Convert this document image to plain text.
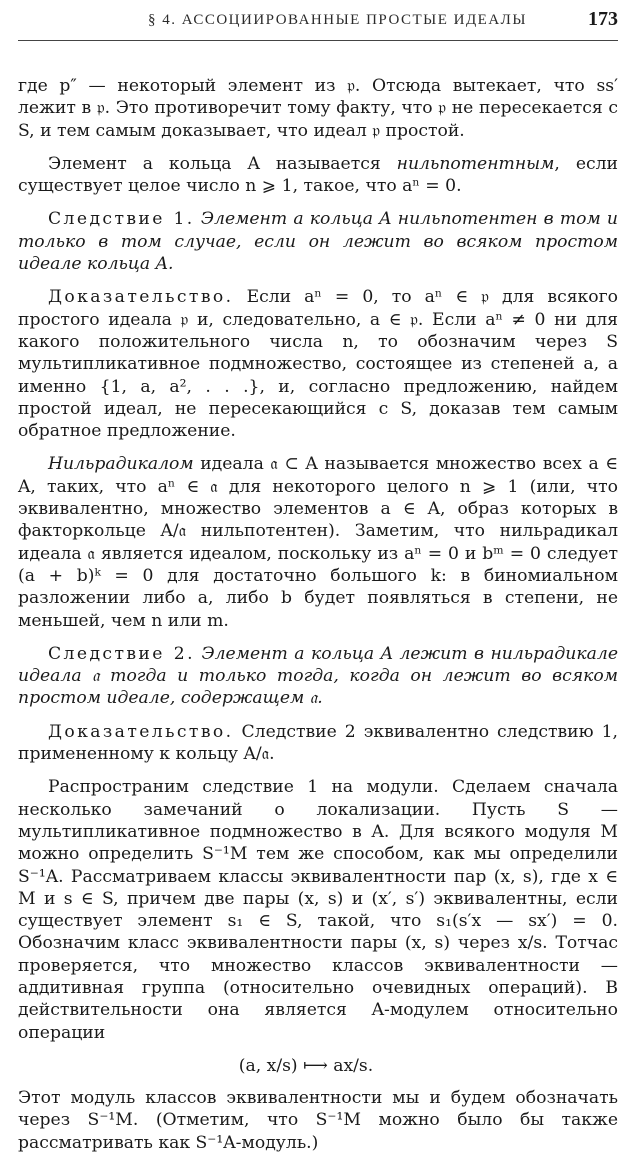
§ 4. АССОЦИИРОВАННЫЕ ПРОСТЫЕ ИДЕАЛЫ	173

где p″ — некоторый элемент из 𝔭. Отсюда вытекает, что ss′ лежит в 𝔭. Это противоречит тому факту, что 𝔭 не пересекается с S, и тем самым доказывает, что идеал 𝔭 простой.

Элемент a кольца A называется нильпотентным, если существует целое число n ⩾ 1, такое, что aⁿ = 0.

Следствие 1. Элемент a кольца A нильпотентен в том и только в том случае, если он лежит во всяком простом идеале кольца A.

Доказательство. Если aⁿ = 0, то aⁿ ∈ 𝔭 для всякого простого идеала 𝔭 и, следовательно, a ∈ 𝔭. Если aⁿ ≠ 0 ни для какого положительного числа n, то обозначим через S мультипликативное подмножество, состоящее из степеней a, а именно {1, a, a², . . .}, и, согласно предложению, найдем простой идеал, не пересекающийся с S, доказав тем самым обратное предложение.

Нильрадикалом идеала 𝔞 ⊂ A называется множество всех a ∈ A, таких, что aⁿ ∈ 𝔞 для некоторого целого n ⩾ 1 (или, что эквивалентно, множество элементов a ∈ A, образ которых в факторкольце A/𝔞 нильпотентен). Заметим, что нильрадикал идеала 𝔞 является идеалом, поскольку из aⁿ = 0 и bᵐ = 0 следует (a + b)ᵏ = 0 для достаточно большого k: в биномиальном разложении либо a, либо b будет появляться в степени, не меньшей, чем n или m.

Следствие 2. Элемент a кольца A лежит в нильрадикале идеала 𝔞 тогда и только тогда, когда он лежит во всяком простом идеале, содержащем 𝔞.

Доказательство. Следствие 2 эквивалентно следствию 1, примененному к кольцу A/𝔞.

Распространим следствие 1 на модули. Сделаем сначала несколько замечаний о локализации. Пусть S — мультипликативное подмножество в A. Для всякого модуля M можно определить S⁻¹M тем же способом, как мы определили S⁻¹A. Рассматриваем классы эквивалентности пар (x, s), где x ∈ M и s ∈ S, причем две пары (x, s) и (x′, s′) эквивалентны, если существует элемент s₁ ∈ S, такой, что s₁(s′x — sx′) = 0. Обозначим класс эквивалентности пары (x, s) через x/s. Тотчас проверяется, что множество классов эквивалентности — аддитивная группа (относительно очевидных операций). В действительности она является A-модулем относительно операции

(a, x/s) ⟼ ax/s.

Этот модуль классов эквивалентности мы и будем обозначать через S⁻¹M. (Отметим, что S⁻¹M можно было бы также рассматривать как S⁻¹A-модуль.)
